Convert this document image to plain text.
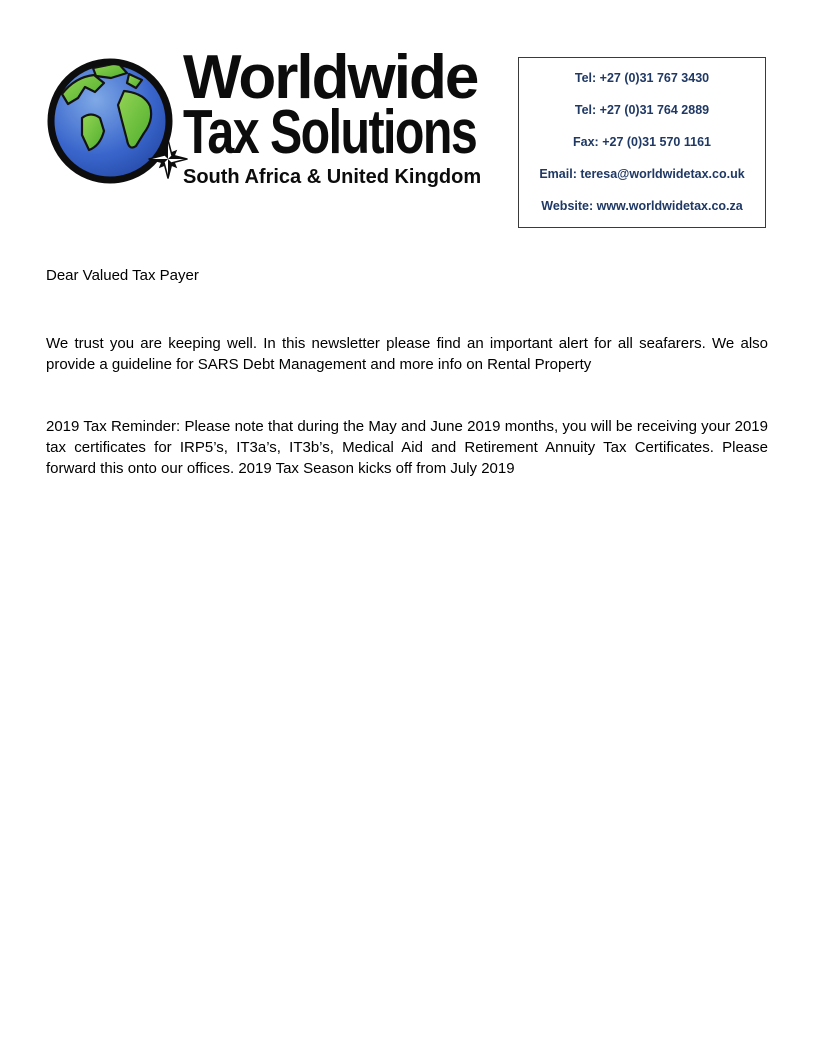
Worldwide
Tax Solutions
South Africa & United Kingdom
Tel: +27 (0)31 767 3430
Tel: +27 (0)31 764 2889
Fax: +27 (0)31 570 1161
Email: teresa@worldwidetax.co.uk
Website: www.worldwidetax.co.za

Dear Valued Tax Payer

We trust you are keeping well. In this newsletter please find an important alert for all seafarers. We also provide a guideline for SARS Debt Management and more info on Rental Property

2019 Tax Reminder: Please note that during the May and June 2019 months, you will be receiving your 2019 tax certificates for IRP5’s, IT3a’s, IT3b’s, Medical Aid and Retirement Annuity Tax Certificates. Please forward this onto our offices. 2019 Tax Season kicks off from July 2019
